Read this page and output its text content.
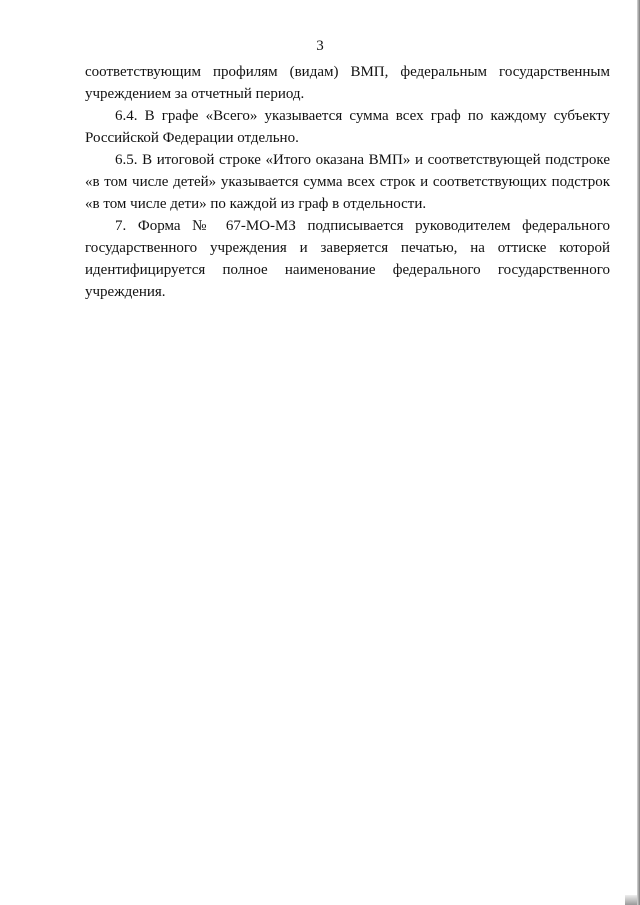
3

соответствующим профилям (видам) ВМП, федеральным государственным учреждением за отчетный период.

6.4. В графе «Всего» указывается сумма всех граф по каждому субъекту Российской Федерации отдельно.

6.5. В итоговой строке «Итого оказана ВМП» и соответствующей подстроке «в том числе детей» указывается сумма всех строк и соответствующих подстрок «в том числе дети» по каждой из граф в отдельности.

7. Форма № 67-МО-МЗ подписывается руководителем федерального государственного учреждения и заверяется печатью, на оттиске которой идентифицируется полное наименование федерального государственного учреждения.
